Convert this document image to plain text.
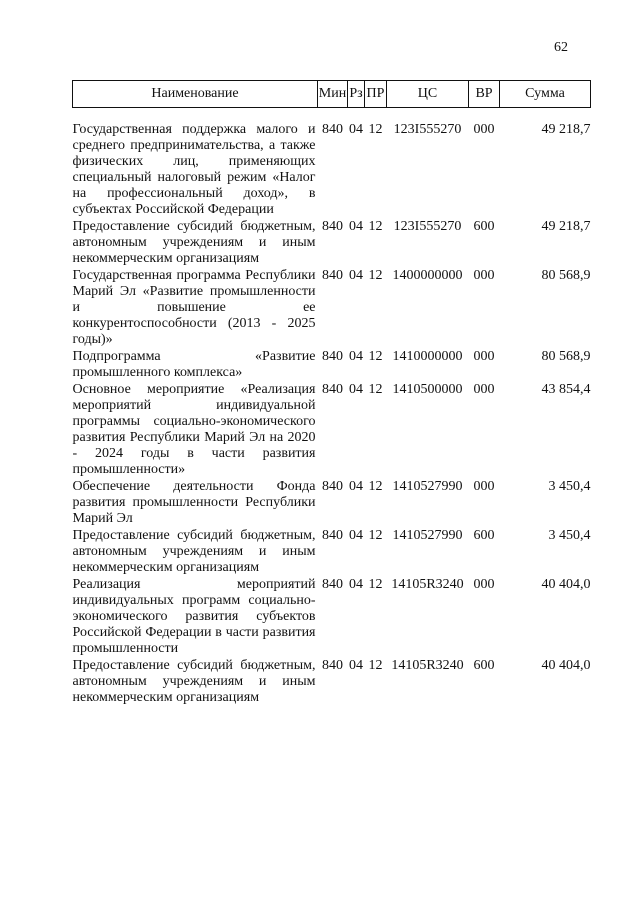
62
Наименование	Мин	Рз	ПР	ЦС	ВР	Сумма

Государственная поддержка малого и среднего предпринимательства, а также физических лиц, применяющих специальный налоговый режим «Налог на профессиональный доход», в субъектах Российской Федерации	840	04	12	123I555270	000	49 218,7
Предоставление субсидий бюджетным, автономным учреждениям и иным некоммерческим организациям	840	04	12	123I555270	600	49 218,7
Государственная программа Республики Марий Эл «Развитие промышленности и повышение ее конкурентоспособности (2013 - 2025 годы)»	840	04	12	1400000000	000	80 568,9
Подпрограмма «Развитие промышленного комплекса»	840	04	12	1410000000	000	80 568,9
Основное мероприятие «Реализация мероприятий индивидуальной программы социально-экономического развития Республики Марий Эл на 2020 - 2024 годы в части развития промышленности»	840	04	12	1410500000	000	43 854,4
Обеспечение деятельности Фонда развития промышленности Республики Марий Эл	840	04	12	1410527990	000	3 450,4
Предоставление субсидий бюджетным, автономным учреждениям и иным некоммерческим организациям	840	04	12	1410527990	600	3 450,4
Реализация мероприятий индивидуальных программ социально-экономического развития субъектов Российской Федерации в части развития промышленности	840	04	12	14105R3240	000	40 404,0
Предоставление субсидий бюджетным, автономным учреждениям и иным некоммерческим организациям	840	04	12	14105R3240	600	40 404,0
